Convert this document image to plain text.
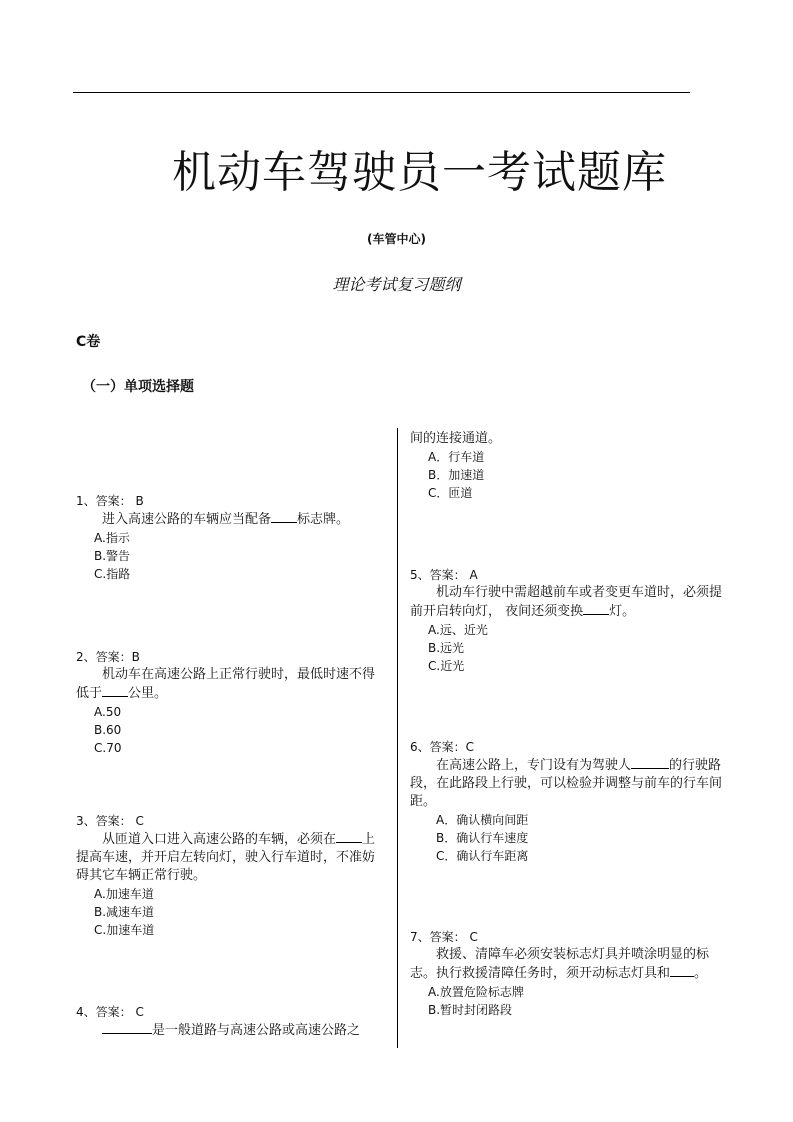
机动车驾驶员一考试题库
(车管中心)
理论考试复习题纲
C卷
（一）单项选择题
1、答案： B
进入高速公路的车辆应当配备 标志牌。
A.指示
B.警告
C.指路
2、答案：B
机动车在高速公路上正常行驶时，最低时速不得低于 公里。
A.50
B.60
C.70
3、答案： C
从匝道入口进入高速公路的车辆，必须在 上提高车速，并开启左转向灯，驶入行车道时，不准妨碍其它车辆正常行驶。
A.加速车道
B.减速车道
C.加速车道
4、答案： C
是一般道路与高速公路或高速公路之
间的连接通道。
A．行车道
B．加速道
C．匝道
5、答案： A
机动车行驶中需超越前车或者变更车道时，必须提前开启转向灯， 夜间还须变换 灯。
A.远、近光
B.远光
C.近光
6、答案：C
在高速公路上，专门设有为驾驶人	的行驶路段，在此路段上行驶，可以检验并调整与前车的行车间距。
A．确认横向间距
B．确认行车速度
C．确认行车距离
7、答案： C
救援、清障车必须安装标志灯具并喷涂明显的标志。执行救援清障任务时，须开动标志灯具和 。
A.放置危险标志牌
B.暂时封闭路段
